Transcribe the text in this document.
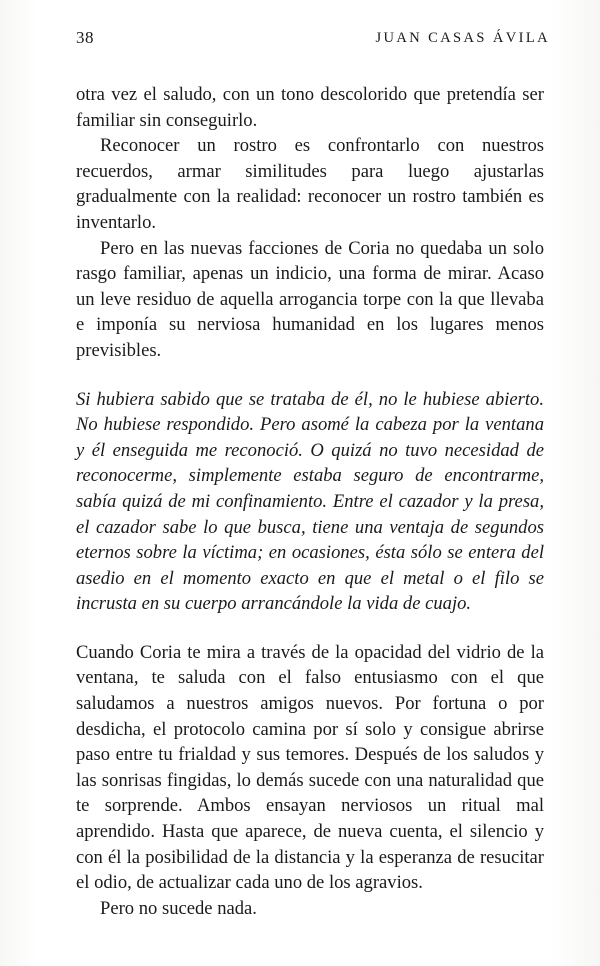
38	JUAN CASAS ÁVILA

otra vez el saludo, con un tono descolorido que pretendía ser familiar sin conseguirlo.

Reconocer un rostro es confrontarlo con nuestros recuerdos, armar similitudes para luego ajustarlas gradualmente con la realidad: reconocer un rostro también es inventarlo.

Pero en las nuevas facciones de Coria no quedaba un solo rasgo familiar, apenas un indicio, una forma de mirar. Acaso un leve residuo de aquella arrogancia torpe con la que llevaba e imponía su nerviosa humanidad en los lugares menos previsibles.

Si hubiera sabido que se trataba de él, no le hubiese abierto. No hubiese respondido. Pero asomé la cabeza por la ventana y él enseguida me reconoció. O quizá no tuvo necesidad de reconocerme, simplemente estaba seguro de encontrarme, sabía quizá de mi confinamiento. Entre el cazador y la presa, el cazador sabe lo que busca, tiene una ventaja de segundos eternos sobre la víctima; en ocasiones, ésta sólo se entera del asedio en el momento exacto en que el metal o el filo se incrusta en su cuerpo arrancándole la vida de cuajo.

Cuando Coria te mira a través de la opacidad del vidrio de la ventana, te saluda con el falso entusiasmo con el que saludamos a nuestros amigos nuevos. Por fortuna o por desdicha, el protocolo camina por sí solo y consigue abrirse paso entre tu frialdad y sus temores. Después de los saludos y las sonrisas fingidas, lo demás sucede con una naturalidad que te sorprende. Ambos ensayan nerviosos un ritual mal aprendido. Hasta que aparece, de nueva cuenta, el silencio y con él la posibilidad de la distancia y la esperanza de resucitar el odio, de actualizar cada uno de los agravios.

Pero no sucede nada.
